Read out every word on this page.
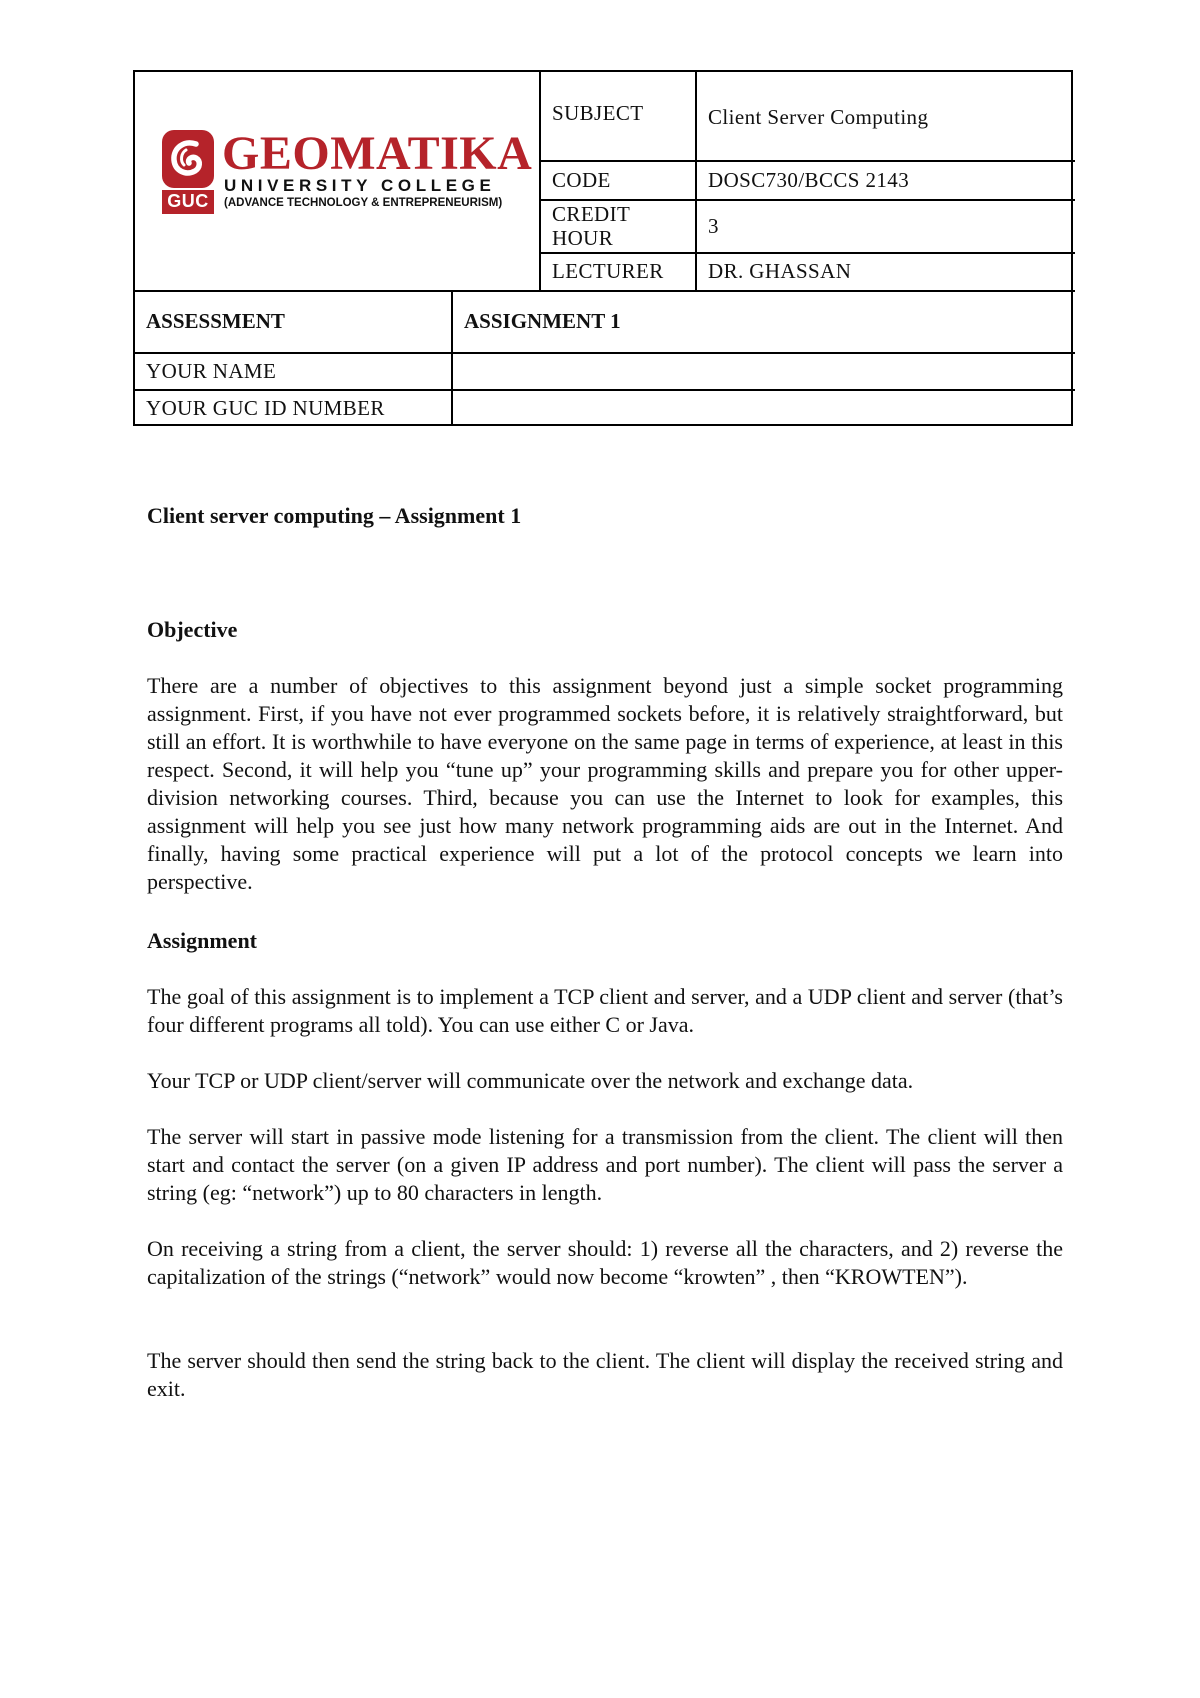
GUC
GEOMATIKA
UNIVERSITY COLLEGE
(ADVANCE TECHNOLOGY & ENTREPRENEURISM)
SUBJECT	Client Server Computing
CODE	DOSC730/BCCS 2143
CREDIT HOUR	3
LECTURER	DR. GHASSAN
ASSESSMENT	ASSIGNMENT 1
YOUR NAME
YOUR GUC ID NUMBER
Client server computing – Assignment 1
Objective

There are a number of objectives to this assignment beyond just a simple socket programming assignment. First, if you have not ever programmed sockets before, it is relatively straightforward, but still an effort. It is worthwhile to have everyone on the same page in terms of experience, at least in this respect. Second, it will help you “tune up” your programming skills and prepare you for other upper-division networking courses. Third, because you can use the Internet to look for examples, this assignment will help you see just how many network programming aids are out in the Internet. And finally, having some practical experience will put a lot of the protocol concepts we learn into perspective.

Assignment

The goal of this assignment is to implement a TCP client and server, and a UDP client and server (that’s four different programs all told). You can use either C or Java.

Your TCP or UDP client/server will communicate over the network and exchange data.

The server will start in passive mode listening for a transmission from the client. The client will then start and contact the server (on a given IP address and port number). The client will pass the server a string (eg: “network”) up to 80 characters in length.

On receiving a string from a client, the server should: 1) reverse all the characters, and 2) reverse the capitalization of the strings (“network” would now become “krowten” , then “KROWTEN”).

The server should then send the string back to the client. The client will display the received string and exit.
